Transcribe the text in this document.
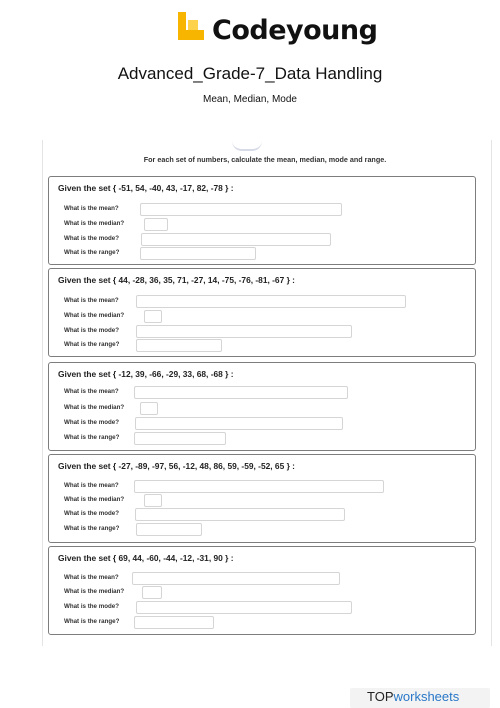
Codeyoung
Advanced_Grade-7_Data Handling
Mean, Median, Mode
For each set of numbers, calculate the mean, median, mode and range.
Given the set { -51, 54, -40, 43, -17, 82, -78 } :
What is the mean?
What is the median?
What is the mode?
What is the range?
Given the set { 44, -28, 36, 35, 71, -27, 14, -75, -76, -81, -67 } :
What is the mean?
What is the median?
What is the mode?
What is the range?
Given the set { -12, 39, -66, -29, 33, 68, -68 } :
What is the mean?
What is the median?
What is the mode?
What is the range?
Given the set { -27, -89, -97, 56, -12, 48, 86, 59, -59, -52, 65 } :
What is the mean?
What is the median?
What is the mode?
What is the range?
Given the set { 69, 44, -60, -44, -12, -31, 90 } :
What is the mean?
What is the median?
What is the mode?
What is the range?
TOPworksheets
